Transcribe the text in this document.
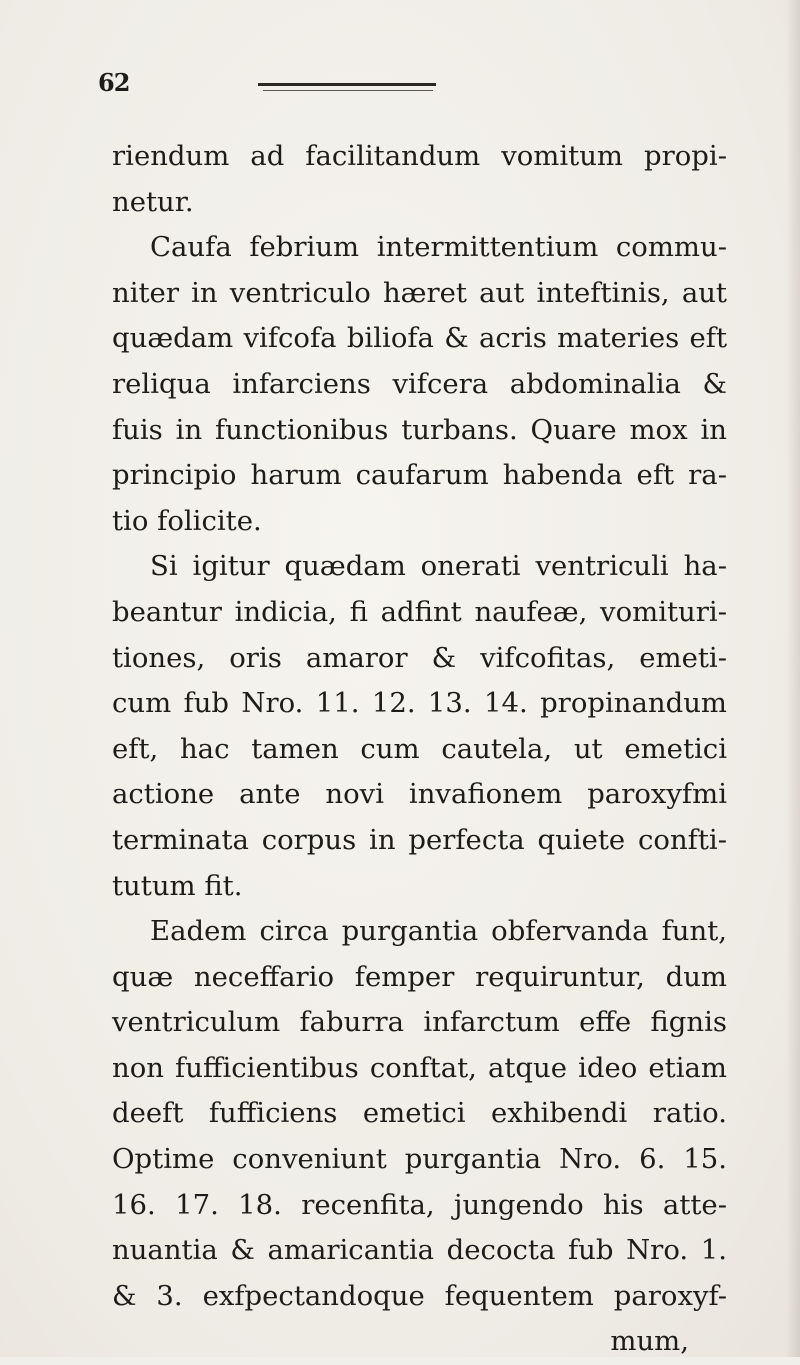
62
riendum ad facilitandum vomitum propi-
netur.
Caufa febrium intermittentium commu-
niter in ventriculo hæret aut inteftinis, aut
quædam vifcofa biliofa & acris materies eft
reliqua infarciens vifcera abdominalia &
fuis in functionibus turbans. Quare mox in
principio harum caufarum habenda eft ra-
tio folicite.
Si igitur quædam onerati ventriculi ha-
beantur indicia, fi adfint naufeæ, vomituri-
tiones, oris amaror & vifcofitas, emeti-
cum fub Nro. 11. 12. 13. 14. propinandum
eft, hac tamen cum cautela, ut emetici
actione ante novi invafionem paroxyfmi
terminata corpus in perfecta quiete confti-
tutum fit.
Eadem circa purgantia obfervanda funt,
quæ neceffario femper requiruntur, dum
ventriculum faburra infarctum effe fignis
non fufficientibus conftat, atque ideo etiam
deeft fufficiens emetici exhibendi ratio.
Optime conveniunt purgantia Nro. 6. 15.
16. 17. 18. recenfita, jungendo his atte-
nuantia & amaricantia decocta fub Nro. 1.
& 3. exfpectandoque fequentem paroxyf-
mum,
